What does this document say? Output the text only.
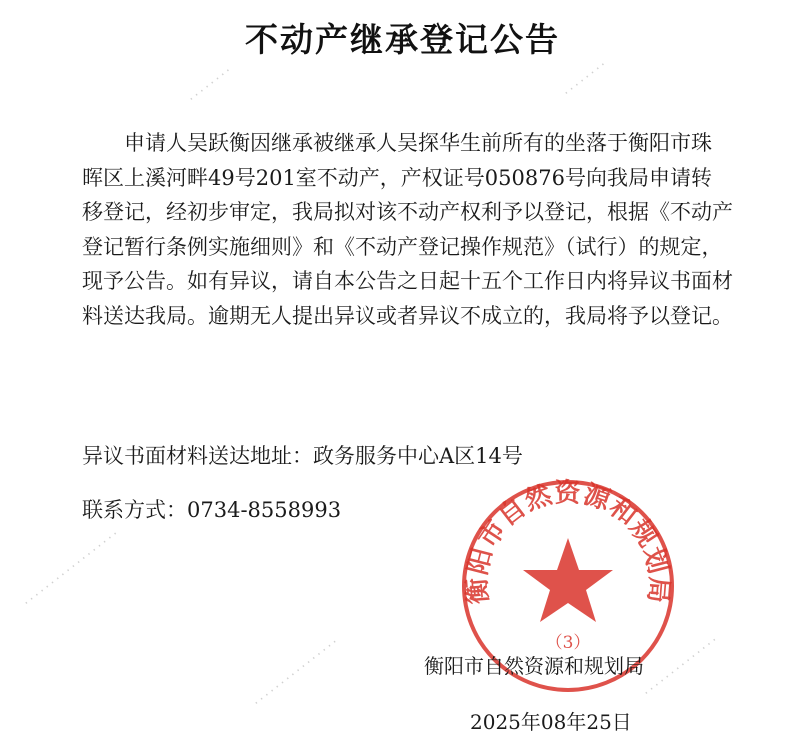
不动产继承登记公告
　　申请人吴跃衡因继承被继承人吴探华生前所有的坐落于衡阳市珠
晖区上溪河畔49号201室不动产，产权证号050876号向我局申请转
移登记，经初步审定，我局拟对该不动产权利予以登记，根据《不动产
登记暂行条例实施细则》和《不动产登记操作规范》（试行）的规定，
现予公告。如有异议，请自本公告之日起十五个工作日内将异议书面材
料送达我局。逾期无人提出异议或者异议不成立的，我局将予以登记。
异议书面材料送达地址：政务服务中心A区14号
联系方式：0734-8558993
衡阳市自然资源和规划局
（3）
衡阳市自然资源和规划局
2025年08年25日
········	········
··················
················	··············
